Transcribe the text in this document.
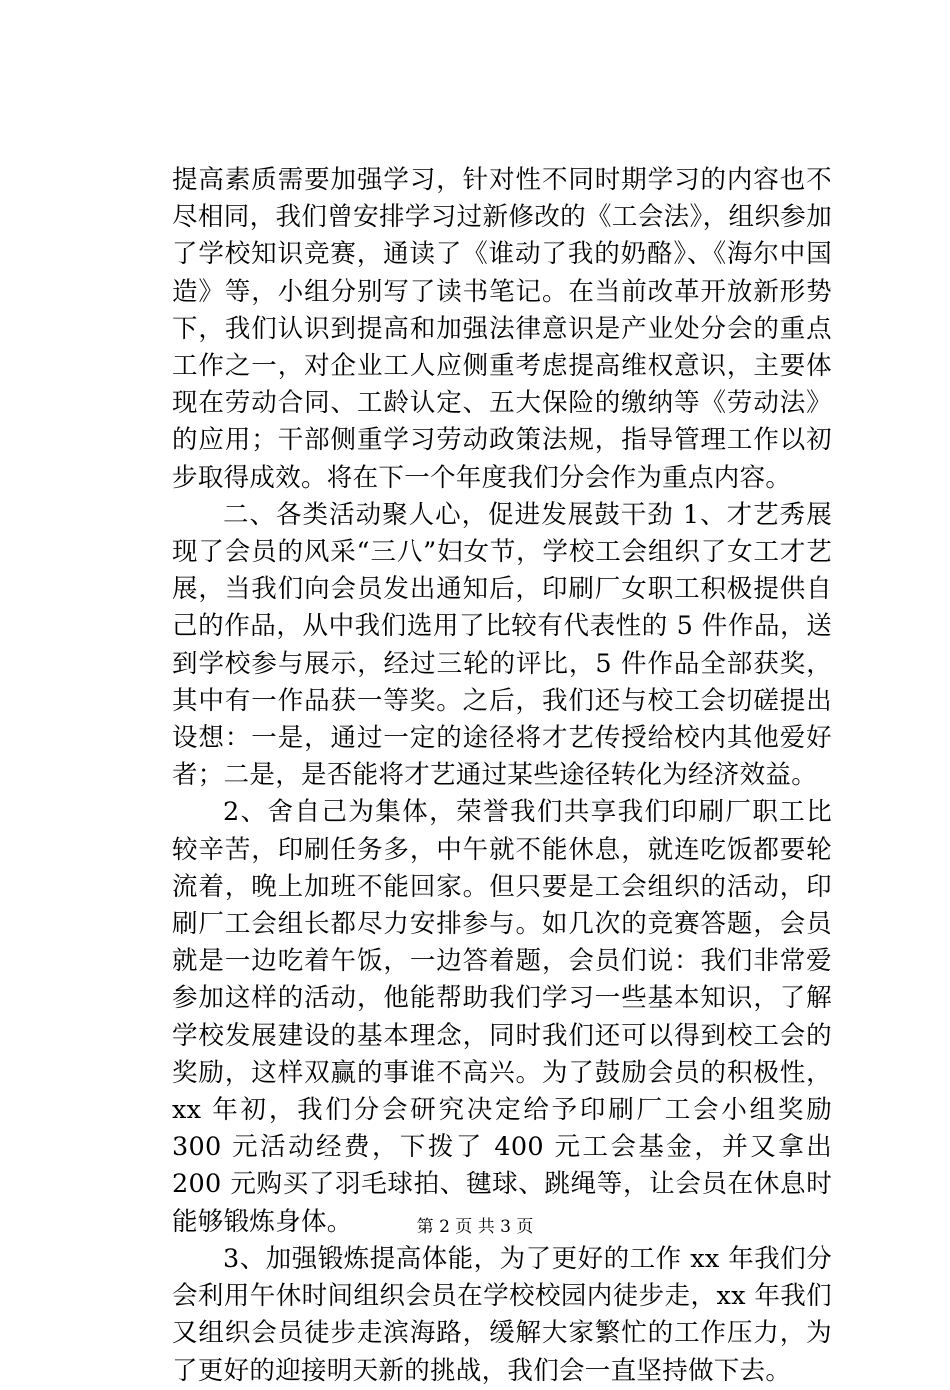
提高素质需要加强学习，针对性不同时期学习的内容也不尽相同，我们曾安排学习过新修改的《工会法》，组织参加了学校知识竞赛，通读了《谁动了我的奶酪》、《海尔中国造》等，小组分别写了读书笔记。在当前改革开放新形势下，我们认识到提高和加强法律意识是产业处分会的重点工作之一，对企业工人应侧重考虑提高维权意识，主要体现在劳动合同、工龄认定、五大保险的缴纳等《劳动法》的应用；干部侧重学习劳动政策法规，指导管理工作以初步取得成效。将在下一个年度我们分会作为重点内容。

二、各类活动聚人心，促进发展鼓干劲 1、才艺秀展现了会员的风采“三八”妇女节，学校工会组织了女工才艺展，当我们向会员发出通知后，印刷厂女职工积极提供自己的作品，从中我们选用了比较有代表性的 5 件作品，送到学校参与展示，经过三轮的评比，5 件作品全部获奖，其中有一作品获一等奖。之后，我们还与校工会切磋提出设想：一是，通过一定的途径将才艺传授给校内其他爱好者；二是，是否能将才艺通过某些途径转化为经济效益。

2、舍自己为集体，荣誉我们共享我们印刷厂职工比较辛苦，印刷任务多，中午就不能休息，就连吃饭都要轮流着，晚上加班不能回家。但只要是工会组织的活动，印刷厂工会组长都尽力安排参与。如几次的竞赛答题，会员就是一边吃着午饭，一边答着题，会员们说：我们非常爱参加这样的活动，他能帮助我们学习一些基本知识，了解学校发展建设的基本理念，同时我们还可以得到校工会的奖励，这样双赢的事谁不高兴。为了鼓励会员的积极性，xx 年初，我们分会研究决定给予印刷厂工会小组奖励 300 元活动经费，下拨了 400 元工会基金，并又拿出 200 元购买了羽毛球拍、毽球、跳绳等，让会员在休息时能够锻炼身体。

3、加强锻炼提高体能，为了更好的工作 xx 年我们分会利用午休时间组织会员在学校校园内徒步走，xx 年我们又组织会员徒步走滨海路，缓解大家繁忙的工作压力，为了更好的迎接明天新的挑战，我们会一直坚持做下去。

第 2 页 共 3 页
